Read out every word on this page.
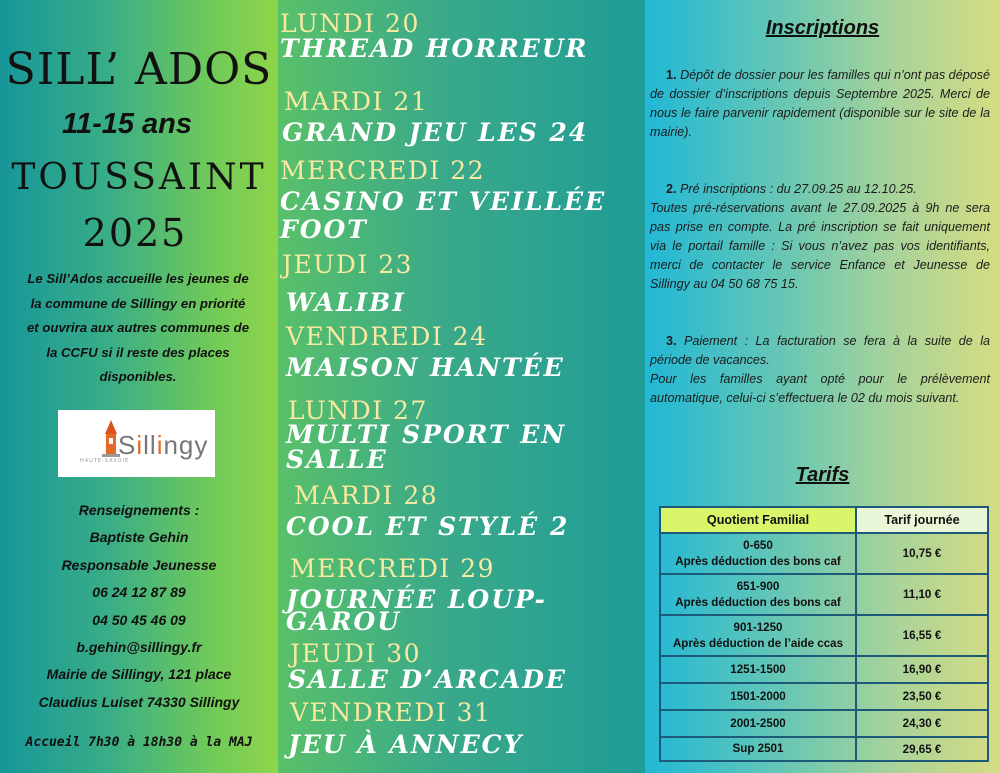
SILL’ ADOS
11-15 ans
TOUSSAINT
2025

Le Sill’Ados accueille les jeunes de
la commune de Sillingy en priorité
et ouvrira aux autres communes de
la CCFU si il reste des places
disponibles.

Sillingy
HAUTE-SAVOIE
Renseignements :
Baptiste Gehin
Responsable Jeunesse
06 24 12 87 89
04 50 45 46 09
b.gehin@sillingy.fr
Mairie de Sillingy, 121 place
Claudius Luiset 74330 Sillingy
Accueil 7h30 à 18h30 à la MAJ

LUNDI 20

THREAD HORREUR

MARDI 21

GRAND JEU LES 24

MERCREDI 22

CASINO ET VEILLÉE

FOOT

JEUDI 23

WALIBI

VENDREDI 24

MAISON HANTÉE

LUNDI 27

MULTI SPORT EN

SALLE

MARDI 28

COOL ET STYLÉ 2

MERCREDI 29

JOURNÉE LOUP-

GAROU

JEUDI 30

SALLE D’ARCADE

VENDREDI 31

JEU À ANNECY

Inscriptions

1. Dépôt de dossier pour les familles qui n’ont pas déposé de dossier d’inscriptions depuis Septembre 2025. Merci de nous le faire parvenir rapidement (disponible sur le site de la mairie).

2. Pré inscriptions : du 27.09.25 au 12.10.25.
Toutes pré-réservations avant le 27.09.2025 à 9h ne sera pas prise en compte. La pré inscription se fait uniquement via le portail famille : Si vous n’avez pas vos identifiants, merci de contacter le service Enfance et Jeunesse de Sillingy au 04 50 68 75 15.

3. Paiement : La facturation se fera à la suite de la période de vacances.
Pour les familles ayant opté pour le prélèvement automatique, celui-ci s’effectuera le 02 du mois suivant.

Tarifs
Quotient Familial	Tarif journée
0-650
Après déduction des bons caf	10,75 €
651-900
Après déduction des bons caf	11,10 €
901-1250
Après déduction de l’aide ccas	16,55 €
1251-1500	16,90 €
1501-2000	23,50 €
2001-2500	24,30 €
Sup 2501	29,65 €
